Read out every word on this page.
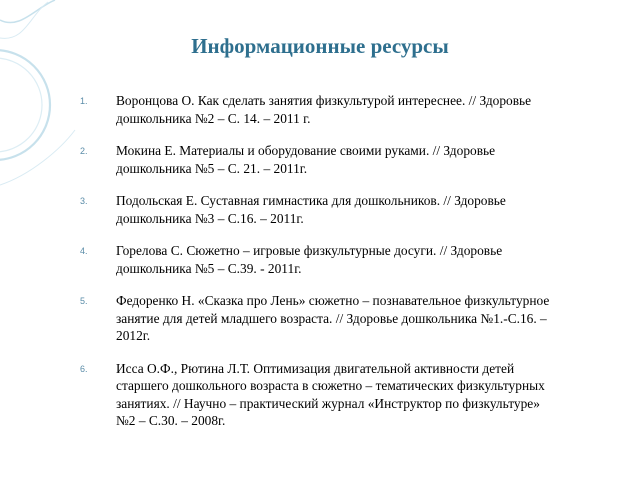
Информационные ресурсы
1. Воронцова О. Как сделать занятия физкультурой интереснее. // Здоровье дошкольника №2 – С. 14. – 2011 г.
2. Мокина Е. Материалы и оборудование своими руками. // Здоровье дошкольника №5 – С. 21. – 2011г.
3. Подольская Е. Суставная гимнастика для дошкольников. // Здоровье дошкольника №3 – С.16. – 2011г.
4. Горелова С. Сюжетно – игровые физкультурные досуги. // Здоровье дошкольника №5 – С.39. - 2011г.
5. Федоренко Н. «Сказка про Лень» сюжетно – познавательное физкультурное занятие для детей младшего возраста. // Здоровье дошкольника №1.-С.16. – 2012г.
6. Исса О.Ф., Рютина Л.Т. Оптимизация двигательной активности детей старшего дошкольного возраста в сюжетно – тематических физкультурных занятиях. // Научно – практический журнал «Инструктор по физкультуре» №2 – С.30. – 2008г.
